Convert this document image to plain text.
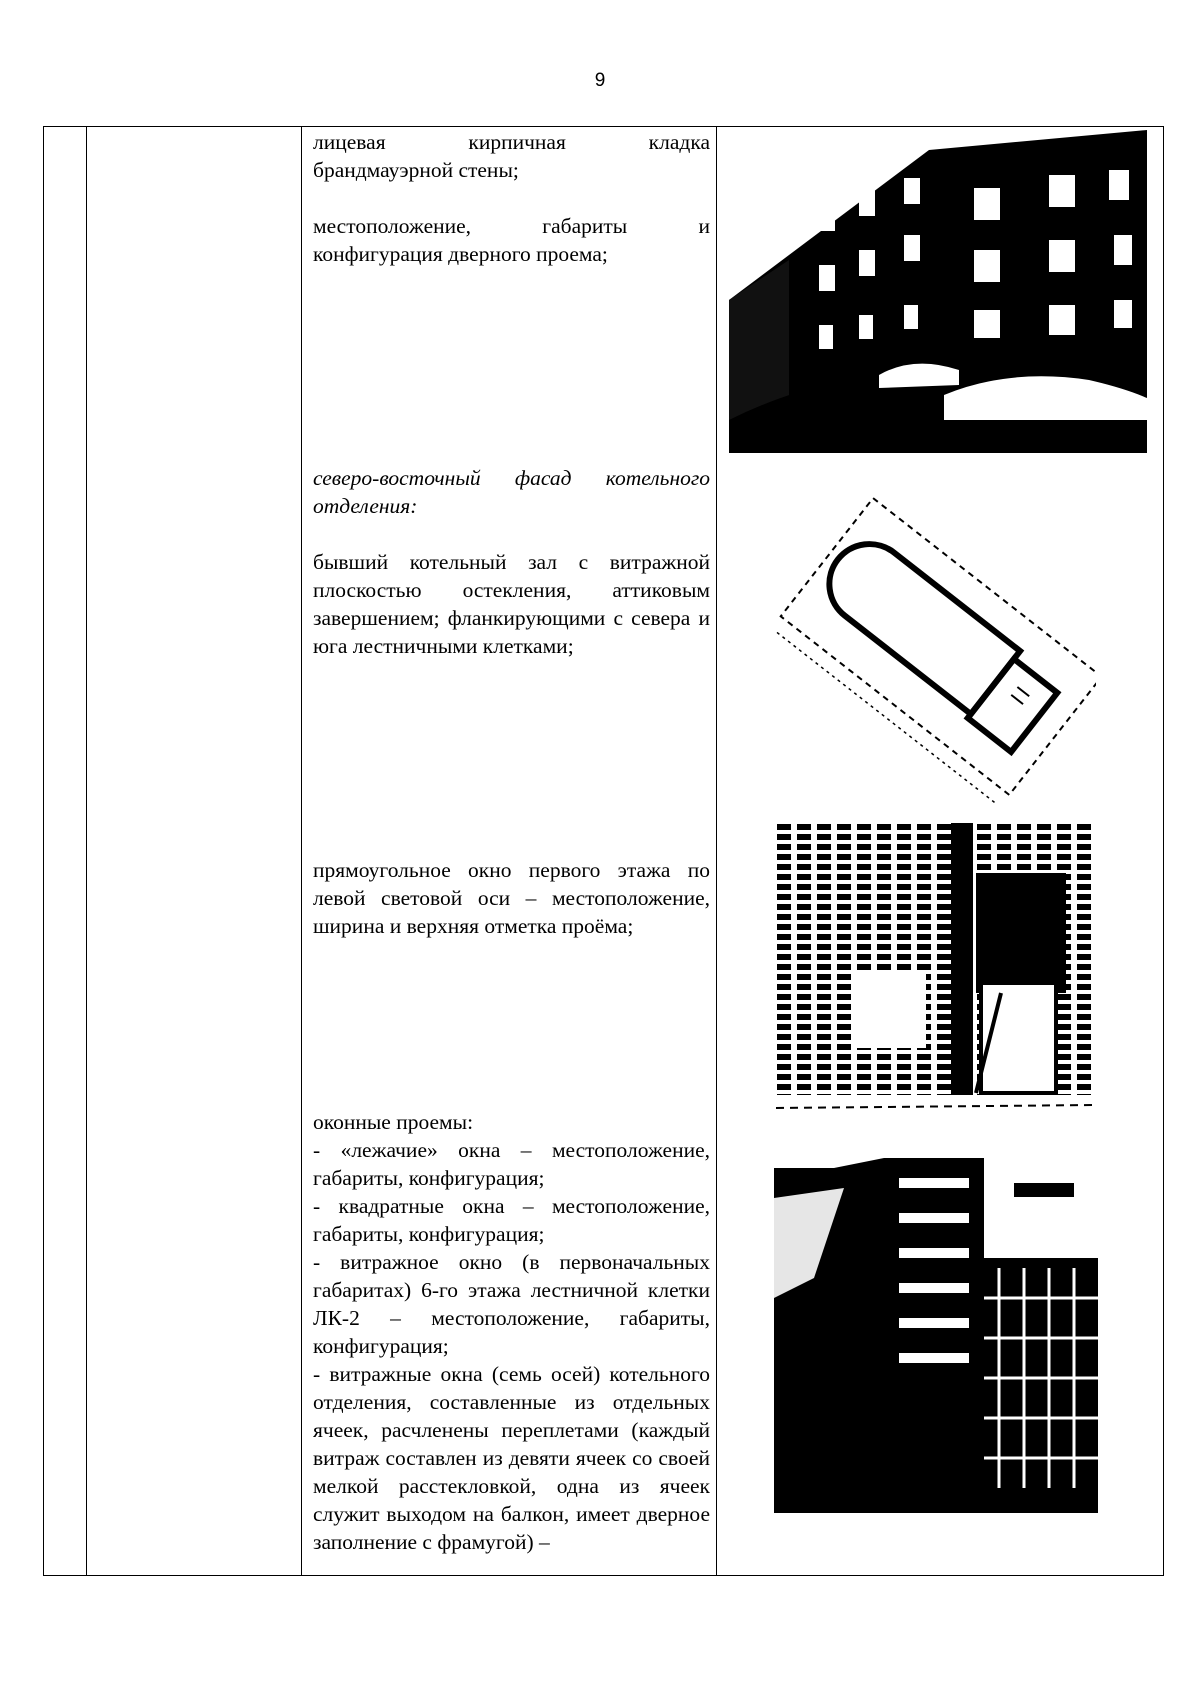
9

лицевая кирпичная кладка

брандмауэрной стены;

местоположение, габариты и

конфигурация дверного проема;

северо-восточный фасад котельного

отделения:

бывший котельный зал с витражной плоскостью остекления, аттиковым завершением; фланкирующими с севера и юга лестничными клетками;

прямоугольное окно первого этажа по левой световой оси – местоположение, ширина и верхняя отметка проёма;

оконные проемы:

- «лежачие» окна – местоположение, габариты, конфигурация;

- квадратные окна – местоположение, габариты, конфигурация;

- витражное окно (в первоначальных габаритах) 6-го этажа лестничной клетки ЛК-2 – местоположение, габариты, конфигурация;

- витражные окна (семь осей) котельного отделения, составленные из отдельных ячеек, расчленены переплетами (каждый витраж составлен из девяти ячеек со своей мелкой расстекловкой, одна из ячеек служит выходом на балкон, имеет дверное заполнение с фрамугой) –
